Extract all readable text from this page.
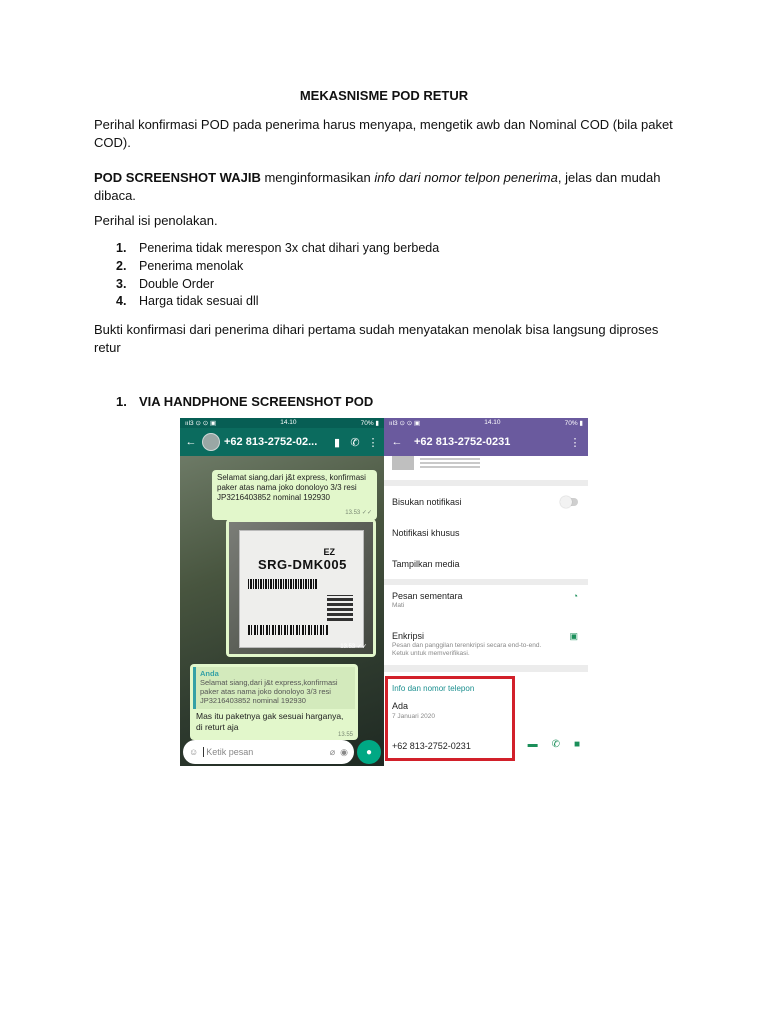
MEKASNISME POD RETUR
Perihal konfirmasi POD pada penerima harus menyapa, mengetik awb dan Nominal COD (bila paket COD).
POD SCREENSHOT WAJIB menginformasikan info dari nomor telpon penerima, jelas dan mudah dibaca.
Perihal isi penolakan.
1. Penerima tidak merespon 3x chat dihari yang berbeda
2. Penerima menolak
3. Double Order
4. Harga tidak sesuai dll
Bukti konfirmasi dari penerima dihari pertama sudah menyatakan menolak bisa langsung diproses retur
1. VIA HANDPHONE SCREENSHOT POD
ııl3 ⊙ ⊙ ▣	14.10	70% ▮
←	+62 813-2752-02...	▮ ✆ ⋮
Selamat siang,dari j&t express, konfirmasi paker atas nama joko donoloyo 3/3 resi JP3216403852 nominal 192930
13.53 ✓✓
EZ
SRG-DMK005
13.53 ✓✓
Anda
Selamat siang,dari j&t express,konfirmasi paker atas nama joko donoloyo 3/3 resi JP3216403852 nominal 192930
Mas itu paketnya gak sesuai harganya, di returt aja
13.55
☺ Ketik pesan	⌀ ◉ ●
ııl3 ⊙ ⊙ ▣	14.10	70% ▮
← +62 813-2752-0231	⋮
Bisukan notifikasi
Notifikasi khusus
Tampilkan media
Pesan sementara
Mati
◔
Enkripsi
Pesan dan panggilan terenkripsi secara end-to-end. Ketuk untuk memverifikasi.
▣
Info dan nomor telepon
Ada
7 Januari 2020
+62 813-2752-0231	▬ ✆ ■
